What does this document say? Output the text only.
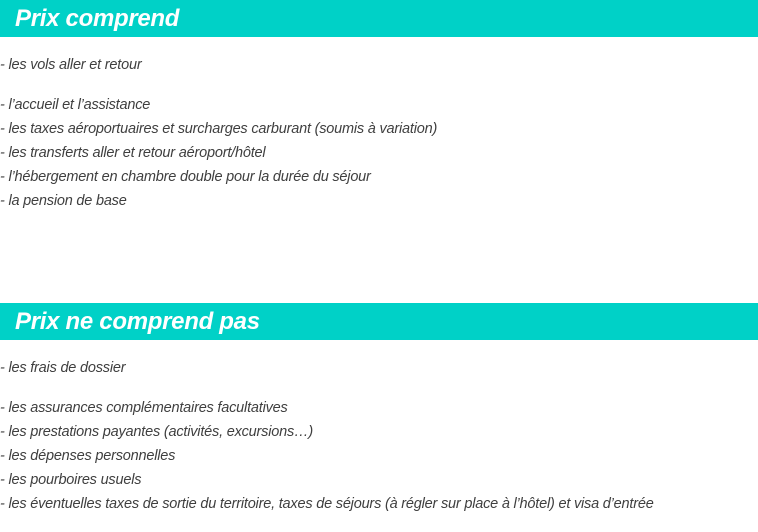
Prix comprend
- les vols aller et retour
- l’accueil et l’assistance
- les taxes aéroportuaires et surcharges carburant (soumis à variation)
- les transferts aller et retour aéroport/hôtel
- l’hébergement en chambre double pour la durée du séjour
- la pension de base
Prix ne comprend pas
- les frais de dossier
- les assurances complémentaires facultatives
- les prestations payantes (activités, excursions…)
- les dépenses personnelles
- les pourboires usuels
- les éventuelles taxes de sortie du territoire, taxes de séjours (à régler sur place à l’hôtel) et visa d’entrée
